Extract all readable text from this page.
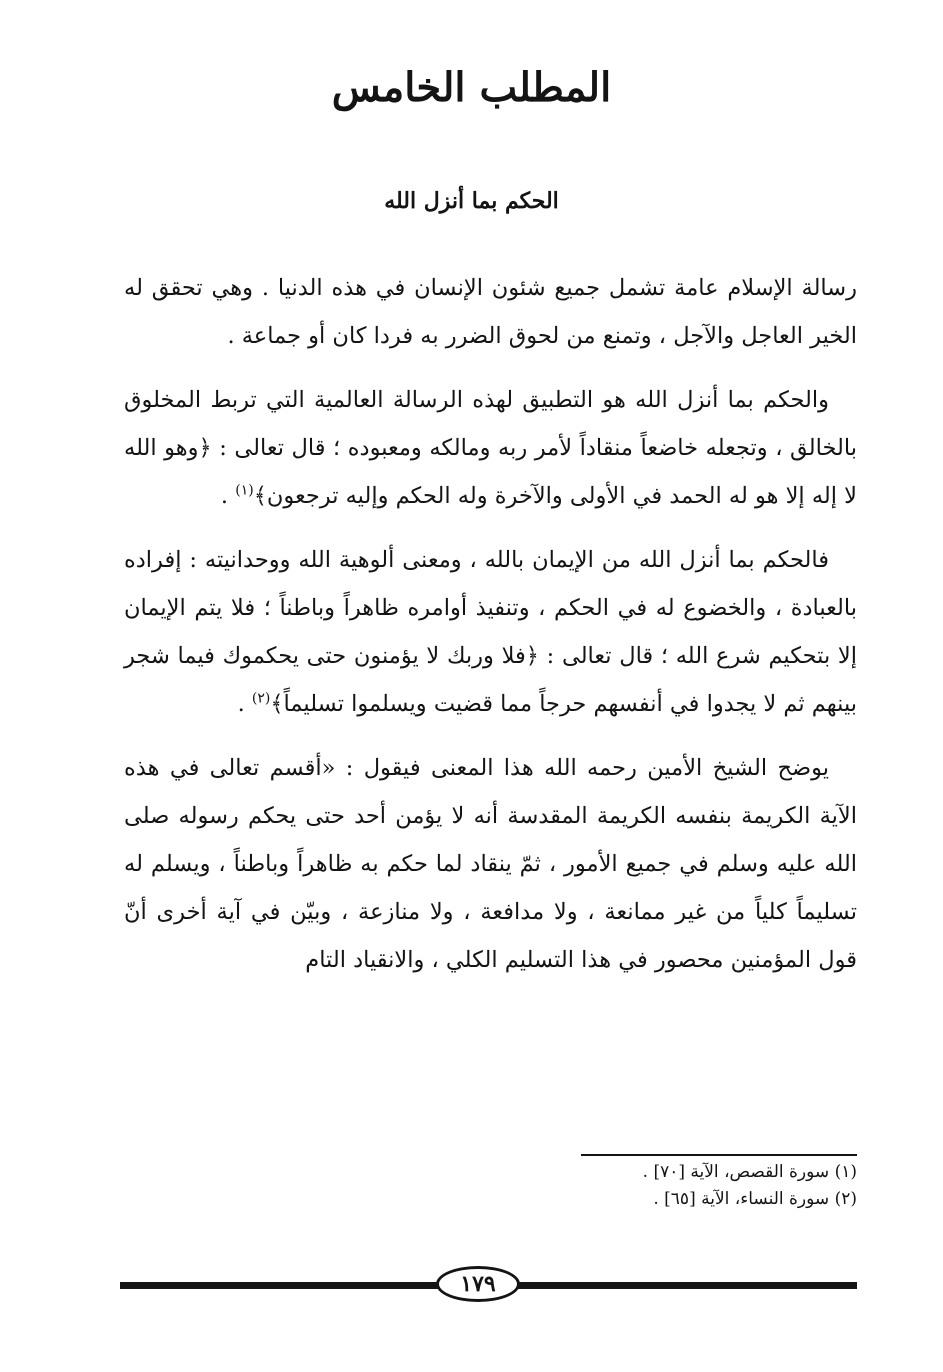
المطلب الخامس
الحكم بما أنزل الله

رسالة الإسلام عامة تشمل جميع شئون الإنسان في هذه الدنيا . وهي تحقق له الخير العاجل والآجل ، وتمنع من لحوق الضرر به فردا كان أو جماعة .

والحكم بما أنزل الله هو التطبيق لهذه الرسالة العالمية التي تربط المخلوق بالخالق ، وتجعله خاضعاً منقاداً لأمر ربه ومالكه ومعبوده ؛ قال تعالى : ﴿وهو الله لا إله إلا هو له الحمد في الأولى والآخرة وله الحكم وإليه ترجعون﴾$^{(١)}$ .

فالحكم بما أنزل الله من الإيمان بالله ، ومعنى ألوهية الله ووحدانيته : إفراده بالعبادة ، والخضوع له في الحكم ، وتنفيذ أوامره ظاهراً وباطناً ؛ فلا يتم الإيمان إلا بتحكيم شرع الله ؛ قال تعالى : ﴿فلا وربك لا يؤمنون حتى يحكموك فيما شجر بينهم ثم لا يجدوا في أنفسهم حرجاً مما قضيت ويسلموا تسليماً﴾$^{(٢)}$ .

يوضح الشيخ الأمين رحمه الله هذا المعنى فيقول : «أقسم تعالى في هذه الآية الكريمة بنفسه الكريمة المقدسة أنه لا يؤمن أحد حتى يحكم رسوله صلى الله عليه وسلم في جميع الأمور ، ثمّ ينقاد لما حكم به ظاهراً وباطناً ، ويسلم له تسليماً كلياً من غير ممانعة ، ولا مدافعة ، ولا منازعة ، وبيّن في آية أخرى أنّ قول المؤمنين محصور في هذا التسليم الكلي ، والانقياد التام

(١) سورة القصص، الآية [٧٠] .

(٢) سورة النساء، الآية [٦٥] .

١٧٩
